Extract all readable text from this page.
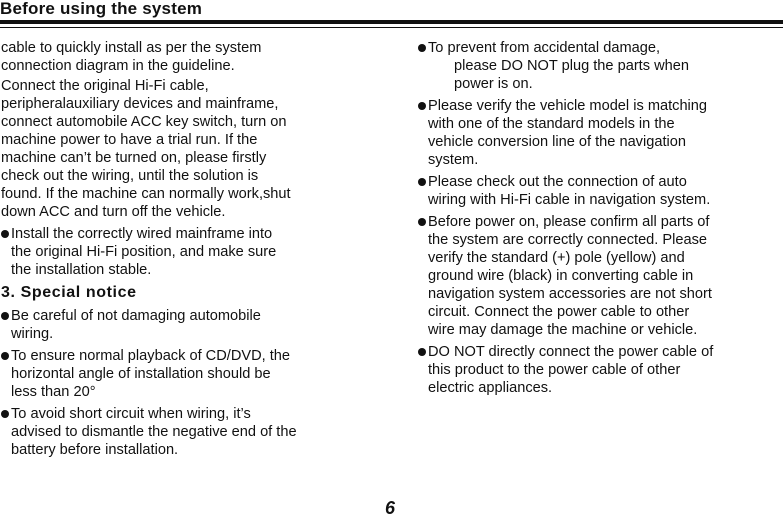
Before using the system
cable to quickly install as per the system
connection diagram in the guideline.
Connect the original Hi-Fi cable,
peripheralauxiliary devices and mainframe,
connect automobile ACC key switch, turn on
machine power to have a trial run. If the
machine can’t be turned on, please firstly
check out the wiring, until the solution is
found. If the machine can normally work,shut
down ACC and turn off the vehicle.
Install the correctly wired mainframe into
the original Hi-Fi position, and make sure
the installation stable.
3. Special notice
Be careful of not damaging automobile
wiring.
To ensure normal playback of CD/DVD, the
horizontal angle of installation should be
less than 20°
To avoid short circuit when wiring, it’s
advised to dismantle the negative end of the
battery before installation.
To prevent from accidental damage,
please DO NOT plug the parts when
power is on.
Please verify the vehicle model is matching
with one of the standard models in the
vehicle conversion line of the navigation
system.
Please check out the connection of auto
wiring with Hi-Fi cable in navigation system.
Before power on, please confirm all parts of
the system are correctly connected. Please
verify the standard (+) pole (yellow) and
ground wire (black) in converting cable in
navigation system accessories are not short
circuit. Connect the power cable to other
wire may damage the machine or vehicle.
DO NOT directly connect the power cable of
this product to the power cable of other
electric appliances.
6
